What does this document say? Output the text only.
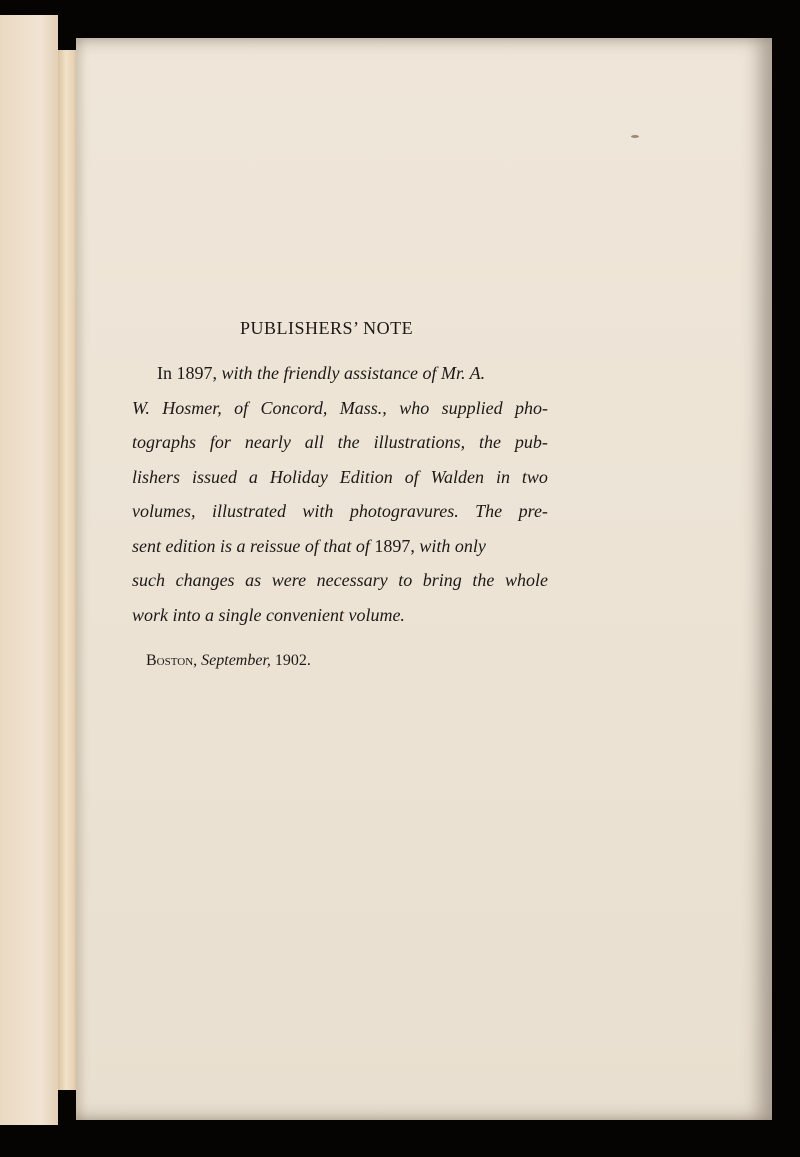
PUBLISHERS’ NOTE
In 1897, with the friendly assistance of Mr. A.
W. Hosmer, of Concord, Mass., who supplied pho-
tographs for nearly all the illustrations, the pub-
lishers issued a Holiday Edition of Walden in two
volumes, illustrated with photogravures. The pre-
sent edition is a reissue of that of 1897, with only
such changes as were necessary to bring the whole
work into a single convenient volume.
Boston, September, 1902.
